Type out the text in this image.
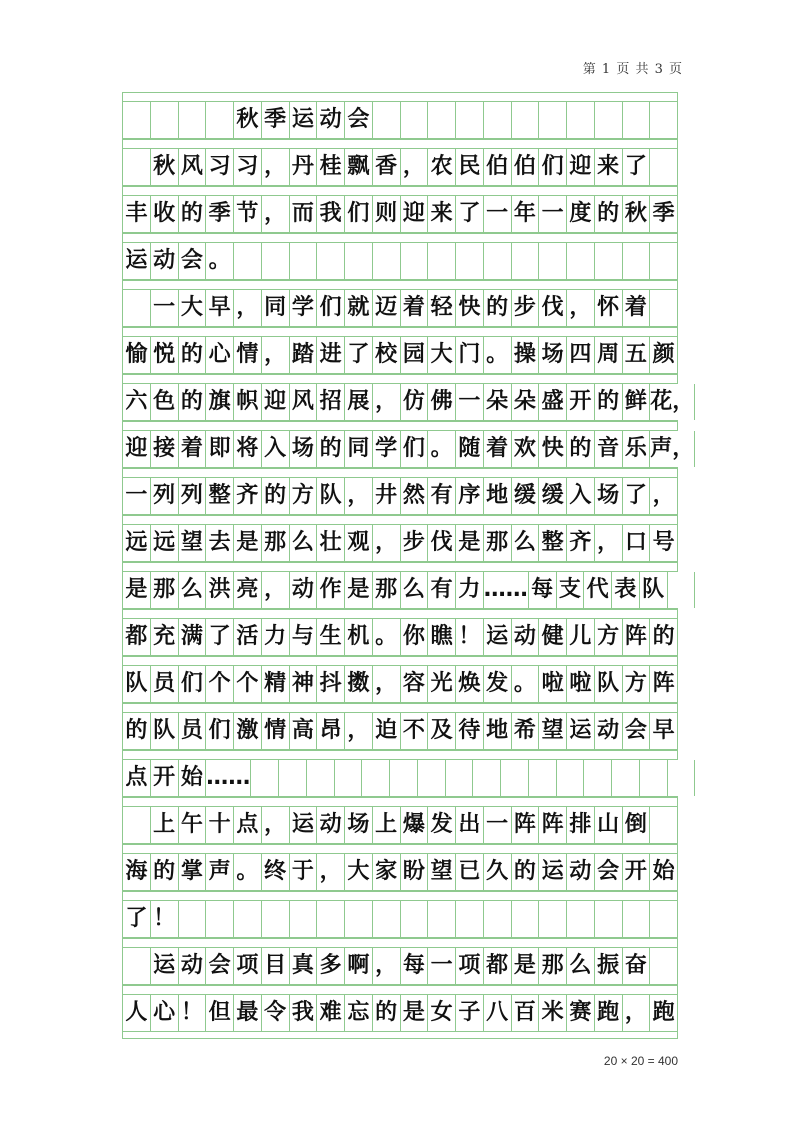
第 1 页 共 3 页
秋 季 运 动 会
秋 风 习 习 ， 丹 桂 飘 香 ， 农 民 伯 伯 们 迎 来 了
丰 收 的 季 节 ， 而 我 们 则 迎 来 了 一 年 一 度 的 秋 季
运 动 会 。
一 大 早 ， 同 学 们 就 迈 着 轻 快 的 步 伐 ， 怀 着
愉 悦 的 心 情 ， 踏 进 了 校 园 大 门 。 操 场 四 周 五 颜
六 色 的 旗 帜 迎 风 招 展 ， 仿 佛 一 朵 朵 盛 开 的 鲜 花，
迎 接 着 即 将 入 场 的 同 学 们 。 随 着 欢 快 的 音 乐 声，
一 列 列 整 齐 的 方 队 ， 井 然 有 序 地 缓 缓 入 场 了 ，
远 远 望 去 是 那 么 壮 观 ， 步 伐 是 那 么 整 齐 ， 口 号
是 那 么 洪 亮 ， 动 作 是 那 么 有 力 …… 每 支 代 表 队
都 充 满 了 活 力 与 生 机 。 你 瞧 ！ 运 动 健 儿 方 阵 的
队 员 们 个 个 精 神 抖 擞 ， 容 光 焕 发 。 啦 啦 队 方 阵
的 队 员 们 激 情 高 昂 ， 迫 不 及 待 地 希 望 运 动 会 早
点 开 始 ……
上 午 十 点 ， 运 动 场 上 爆 发 出 一 阵 阵 排 山 倒
海 的 掌 声 。 终 于 ， 大 家 盼 望 已 久 的 运 动 会 开 始
了 ！
运 动 会 项 目 真 多 啊 ， 每 一 项 都 是 那 么 振 奋
人 心 ！ 但 最 令 我 难 忘 的 是 女 子 八 百 米 赛 跑 ， 跑
20 × 20 = 400
